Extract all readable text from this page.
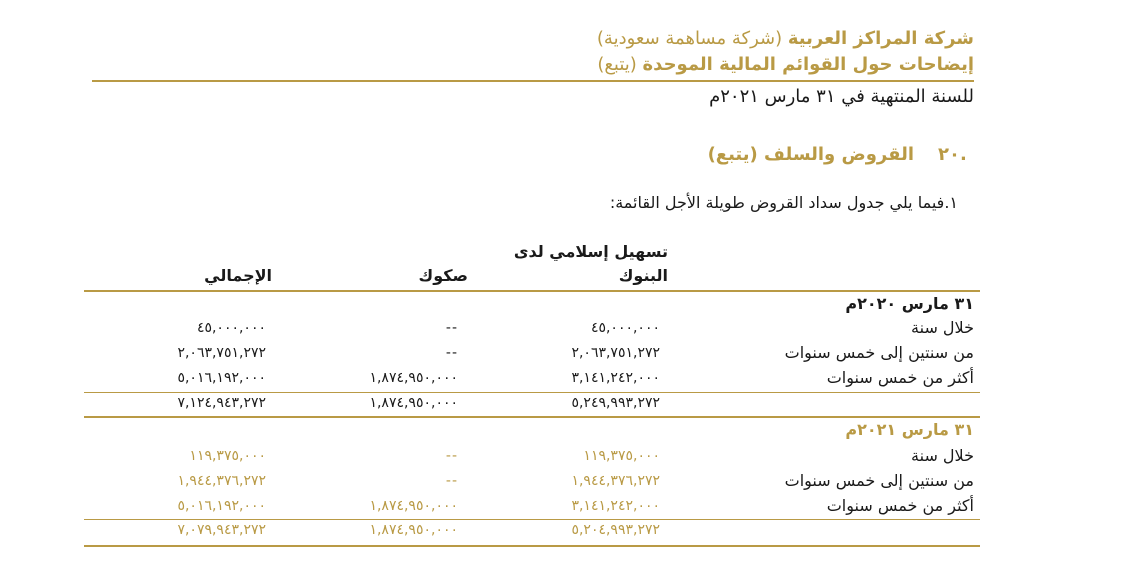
شركة المراكز العربية (شركة مساهمة سعودية)
إيضاحات حول القوائم المالية الموحدة (يتبع)
للسنة المنتهية في ٣١ مارس ٢٠٢١م
٢٠.
القروض والسلف (يتبع)
١.فيما يلي جدول سداد القروض طويلة الأجل القائمة:
تسهيل إسلامي لدى
البنوك
صكوك
الإجمالي
٣١ مارس ٢٠٢٠م
خلال سنة
٤٥,٠٠٠,٠٠٠
--
٤٥,٠٠٠,٠٠٠
من سنتين إلى خمس سنوات
٢,٠٦٣,٧٥١,٢٧٢
--
٢,٠٦٣,٧٥١,٢٧٢
أكثر من خمس سنوات
٣,١٤١,٢٤٢,٠٠٠
١,٨٧٤,٩٥٠,٠٠٠
٥,٠١٦,١٩٢,٠٠٠
٥,٢٤٩,٩٩٣,٢٧٢
١,٨٧٤,٩٥٠,٠٠٠
٧,١٢٤,٩٤٣,٢٧٢
٣١ مارس ٢٠٢١م
خلال سنة
١١٩,٣٧٥,٠٠٠
--
١١٩,٣٧٥,٠٠٠
من سنتين إلى خمس سنوات
١,٩٤٤,٣٧٦,٢٧٢
--
١,٩٤٤,٣٧٦,٢٧٢
أكثر من خمس سنوات
٣,١٤١,٢٤٢,٠٠٠
١,٨٧٤,٩٥٠,٠٠٠
٥,٠١٦,١٩٢,٠٠٠
٥,٢٠٤,٩٩٣,٢٧٢
١,٨٧٤,٩٥٠,٠٠٠
٧,٠٧٩,٩٤٣,٢٧٢
